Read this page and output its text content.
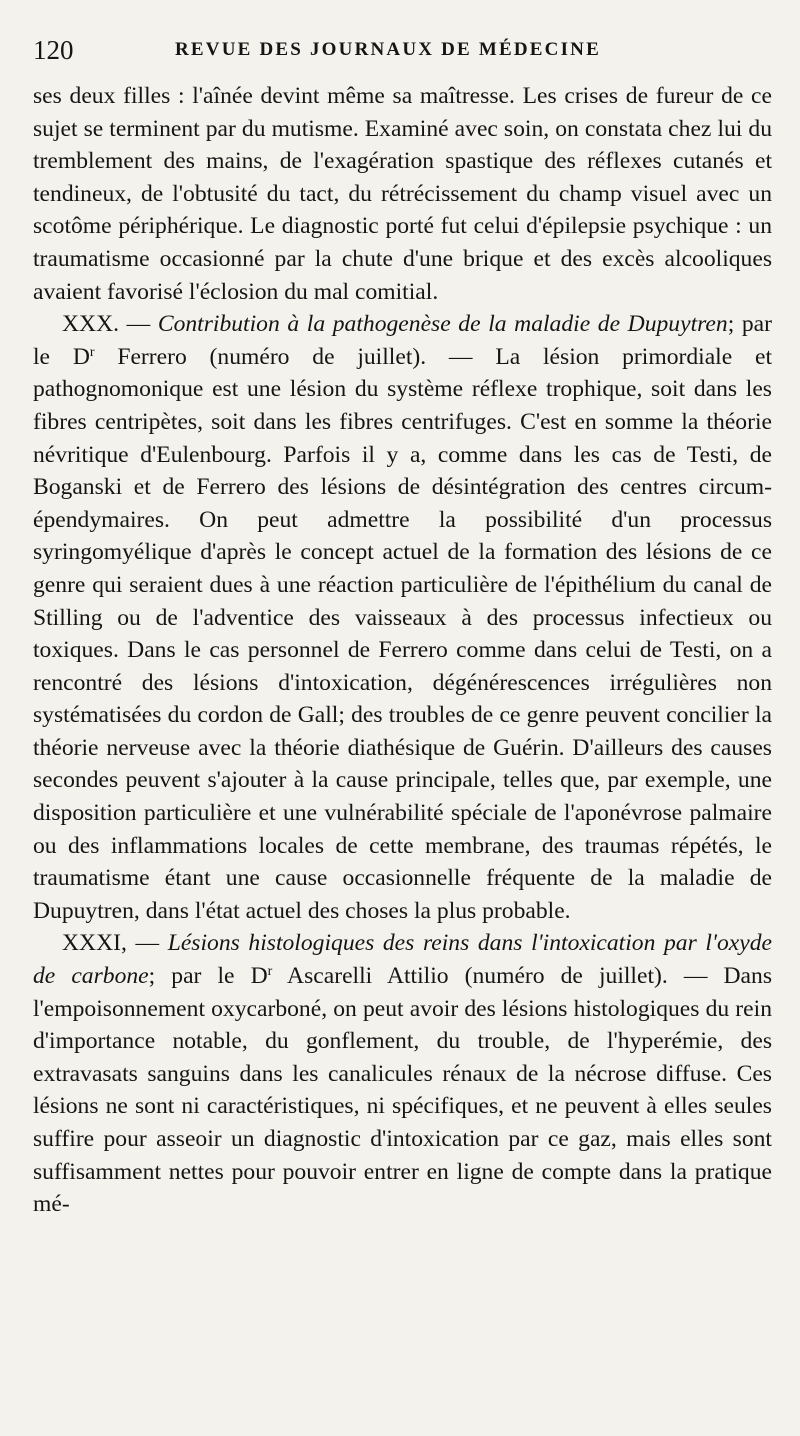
120	REVUE DES JOURNAUX DE MÉDECINE

ses deux filles : l'aînée devint même sa maîtresse. Les crises de fureur de ce sujet se terminent par du mutisme. Examiné avec soin, on constata chez lui du tremblement des mains, de l'exagération spastique des réflexes cutanés et tendineux, de l'obtusité du tact, du rétrécissement du champ visuel avec un scotôme périphérique. Le diagnostic porté fut celui d'épilepsie psychique : un traumatisme occasionné par la chute d'une brique et des excès alcooliques avaient favorisé l'éclosion du mal comitial.

XXX. — Contribution à la pathogenèse de la maladie de Dupuytren; par le $D^r$ Ferrero (numéro de juillet). — La lésion primordiale et pathognomonique est une lésion du système réflexe trophique, soit dans les fibres centripètes, soit dans les fibres centrifuges. C'est en somme la théorie névritique d'Eulenbourg. Parfois il y a, comme dans les cas de Testi, de Boganski et de Ferrero des lésions de désintégration des centres circum-épendymaires. On peut admettre la possibilité d'un processus syringomyélique d'après le concept actuel de la formation des lésions de ce genre qui seraient dues à une réaction particulière de l'épithélium du canal de Stilling ou de l'adventice des vaisseaux à des processus infectieux ou toxiques. Dans le cas personnel de Ferrero comme dans celui de Testi, on a rencontré des lésions d'intoxication, dégénérescences irrégulières non systématisées du cordon de Gall; des troubles de ce genre peuvent concilier la théorie nerveuse avec la théorie diathésique de Guérin. D'ailleurs des causes secondes peuvent s'ajouter à la cause principale, telles que, par exemple, une disposition particulière et une vulnérabilité spéciale de l'aponévrose palmaire ou des inflammations locales de cette membrane, des traumas répétés, le traumatisme étant une cause occasionnelle fréquente de la maladie de Dupuytren, dans l'état actuel des choses la plus probable.

XXXI, — Lésions histologiques des reins dans l'intoxication par l'oxyde de carbone; par le $D^r$ Ascarelli Attilio (numéro de juillet). — Dans l'empoisonnement oxycarboné, on peut avoir des lésions histologiques du rein d'importance notable, du gonflement, du trouble, de l'hyperémie, des extravasats sanguins dans les canalicules rénaux de la nécrose diffuse. Ces lésions ne sont ni caractéristiques, ni spécifiques, et ne peuvent à elles seules suffire pour asseoir un diagnostic d'intoxication par ce gaz, mais elles sont suffisamment nettes pour pouvoir entrer en ligne de compte dans la pratique mé-
